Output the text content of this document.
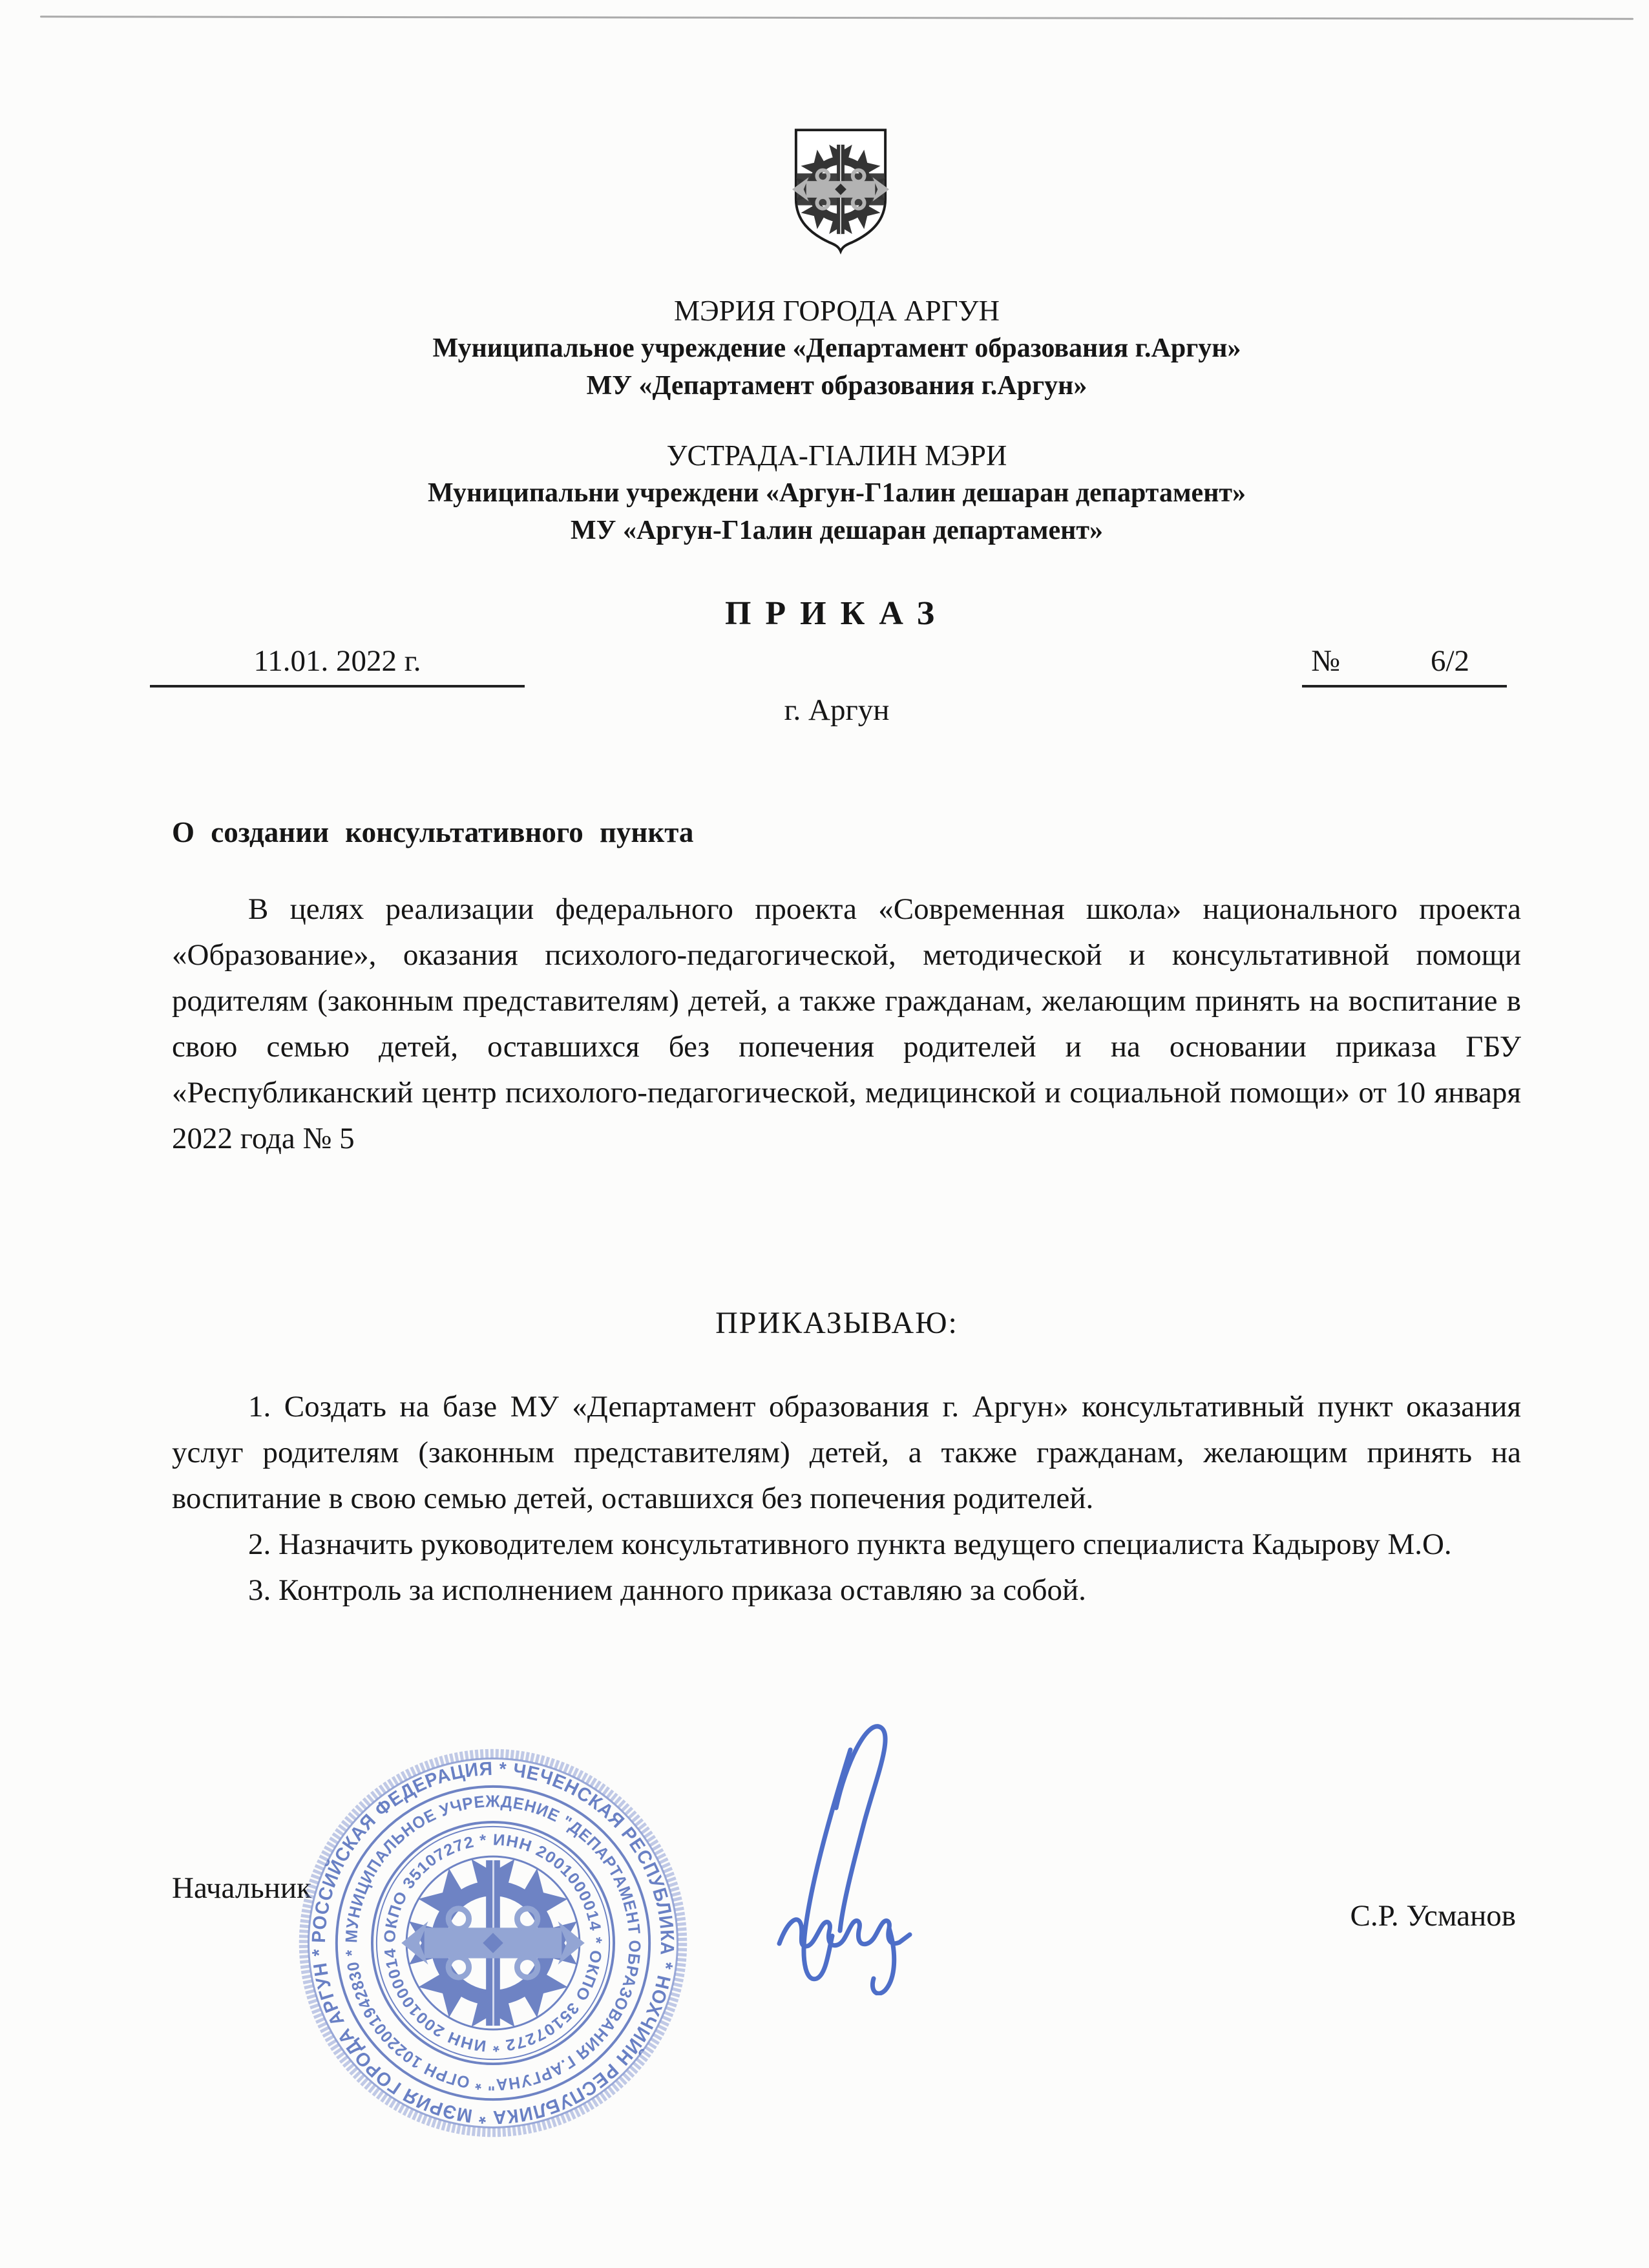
МЭРИЯ ГОРОДА АРГУН
Муниципальное учреждение «Департамент образования г.Аргун»
МУ «Департамент образования г.Аргун»
УСТРАДА-ГІАЛИН МЭРИ
Муниципальни учреждени «Аргун-Г1алин дешаран департамент»
МУ «Аргун-Г1алин дешаран департамент»
ПРИКАЗ
11.01. 2022 г.	№	6/2
г. Аргун
О создании консультативного пункта

В целях реализации федерального проекта «Современная школа» национального проекта «Образование», оказания психолого-педагогической, методической и консультативной помощи родителям (законным представителям) детей, а также гражданам, желающим принять на воспитание в свою семью детей, оставшихся без попечения родителей и на основании приказа ГБУ «Республиканский центр психолого-педагогической, медицинской и социальной помощи» от 10 января 2022 года № 5

ПРИКАЗЫВАЮ:

1. Создать на базе МУ «Департамент образования г. Аргун» консультативный пункт оказания услуг родителям (законным представителям) детей, а также гражданам, желающим принять на воспитание в свою семью детей, оставшихся без попечения родителей.

2. Назначить руководителем консультативного пункта ведущего специалиста Кадырову М.О.

3. Контроль за исполнением данного приказа оставляю за собой.

Начальник
С.Р. Усманов
РОССИЙСКАЯ ФЕДЕРАЦИЯ * ЧЕЧЕНСКАЯ РЕСПУБЛИКА * НОХЧИЙН РЕСПУБЛИКА * МЭРИЯ ГОРОДА АРГУН *
МУНИЦИПАЛЬНОЕ УЧРЕЖДЕНИЕ "ДЕПАРТАМЕНТ ОБРАЗОВАНИЯ Г.АРГУНА" * ОГРН 1022001942830 *
ОКПО 35107272 * ИНН 2001000014 * ОКПО 35107272 * ИНН 2001000014
